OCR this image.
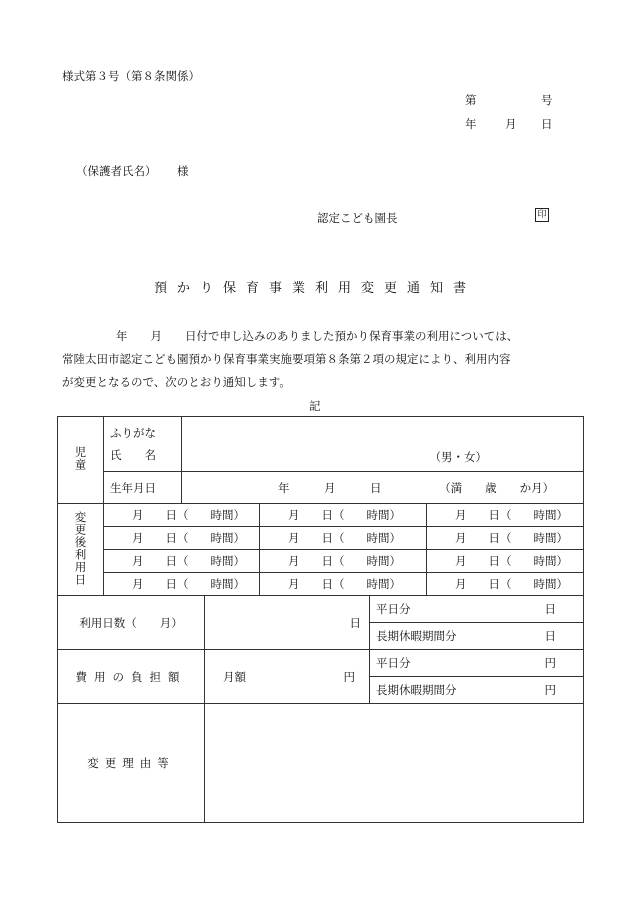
様式第３号（第８条関係）
第	号
年 月 日
（保護者氏名） 様
認定こども園長	印
預かり保育事業利用変更通知書

年　　月　　日付で申し込みのありました預かり保育事業の利用については、

常陸太田市認定こども園預かり保育事業実施要項第８条第２項の規定により、利用内容

が変更となるので、次のとおり通知します。

記
児童	ふりがな
氏　　名	（男・女）				
	生年月日	年　　　月　　　日 （満　　歳　　か月）				
変更後利用日	月 日（ 時間）			月 日（ 時間）		月 日（ 時間）
	月 日（ 時間）			月 日（ 時間）		月 日（ 時間）
	月 日（ 時間）			月 日（ 時間）		月 日（ 時間）
	月 日（ 時間）			月 日（ 時間）		月 日（ 時間）
利用日数（　　月）			日		平日分 日	

					長期休暇期間分 日	

費用の負担額			月額 円		平日分 円	

					長期休暇期間分 円	

変更理由等						
